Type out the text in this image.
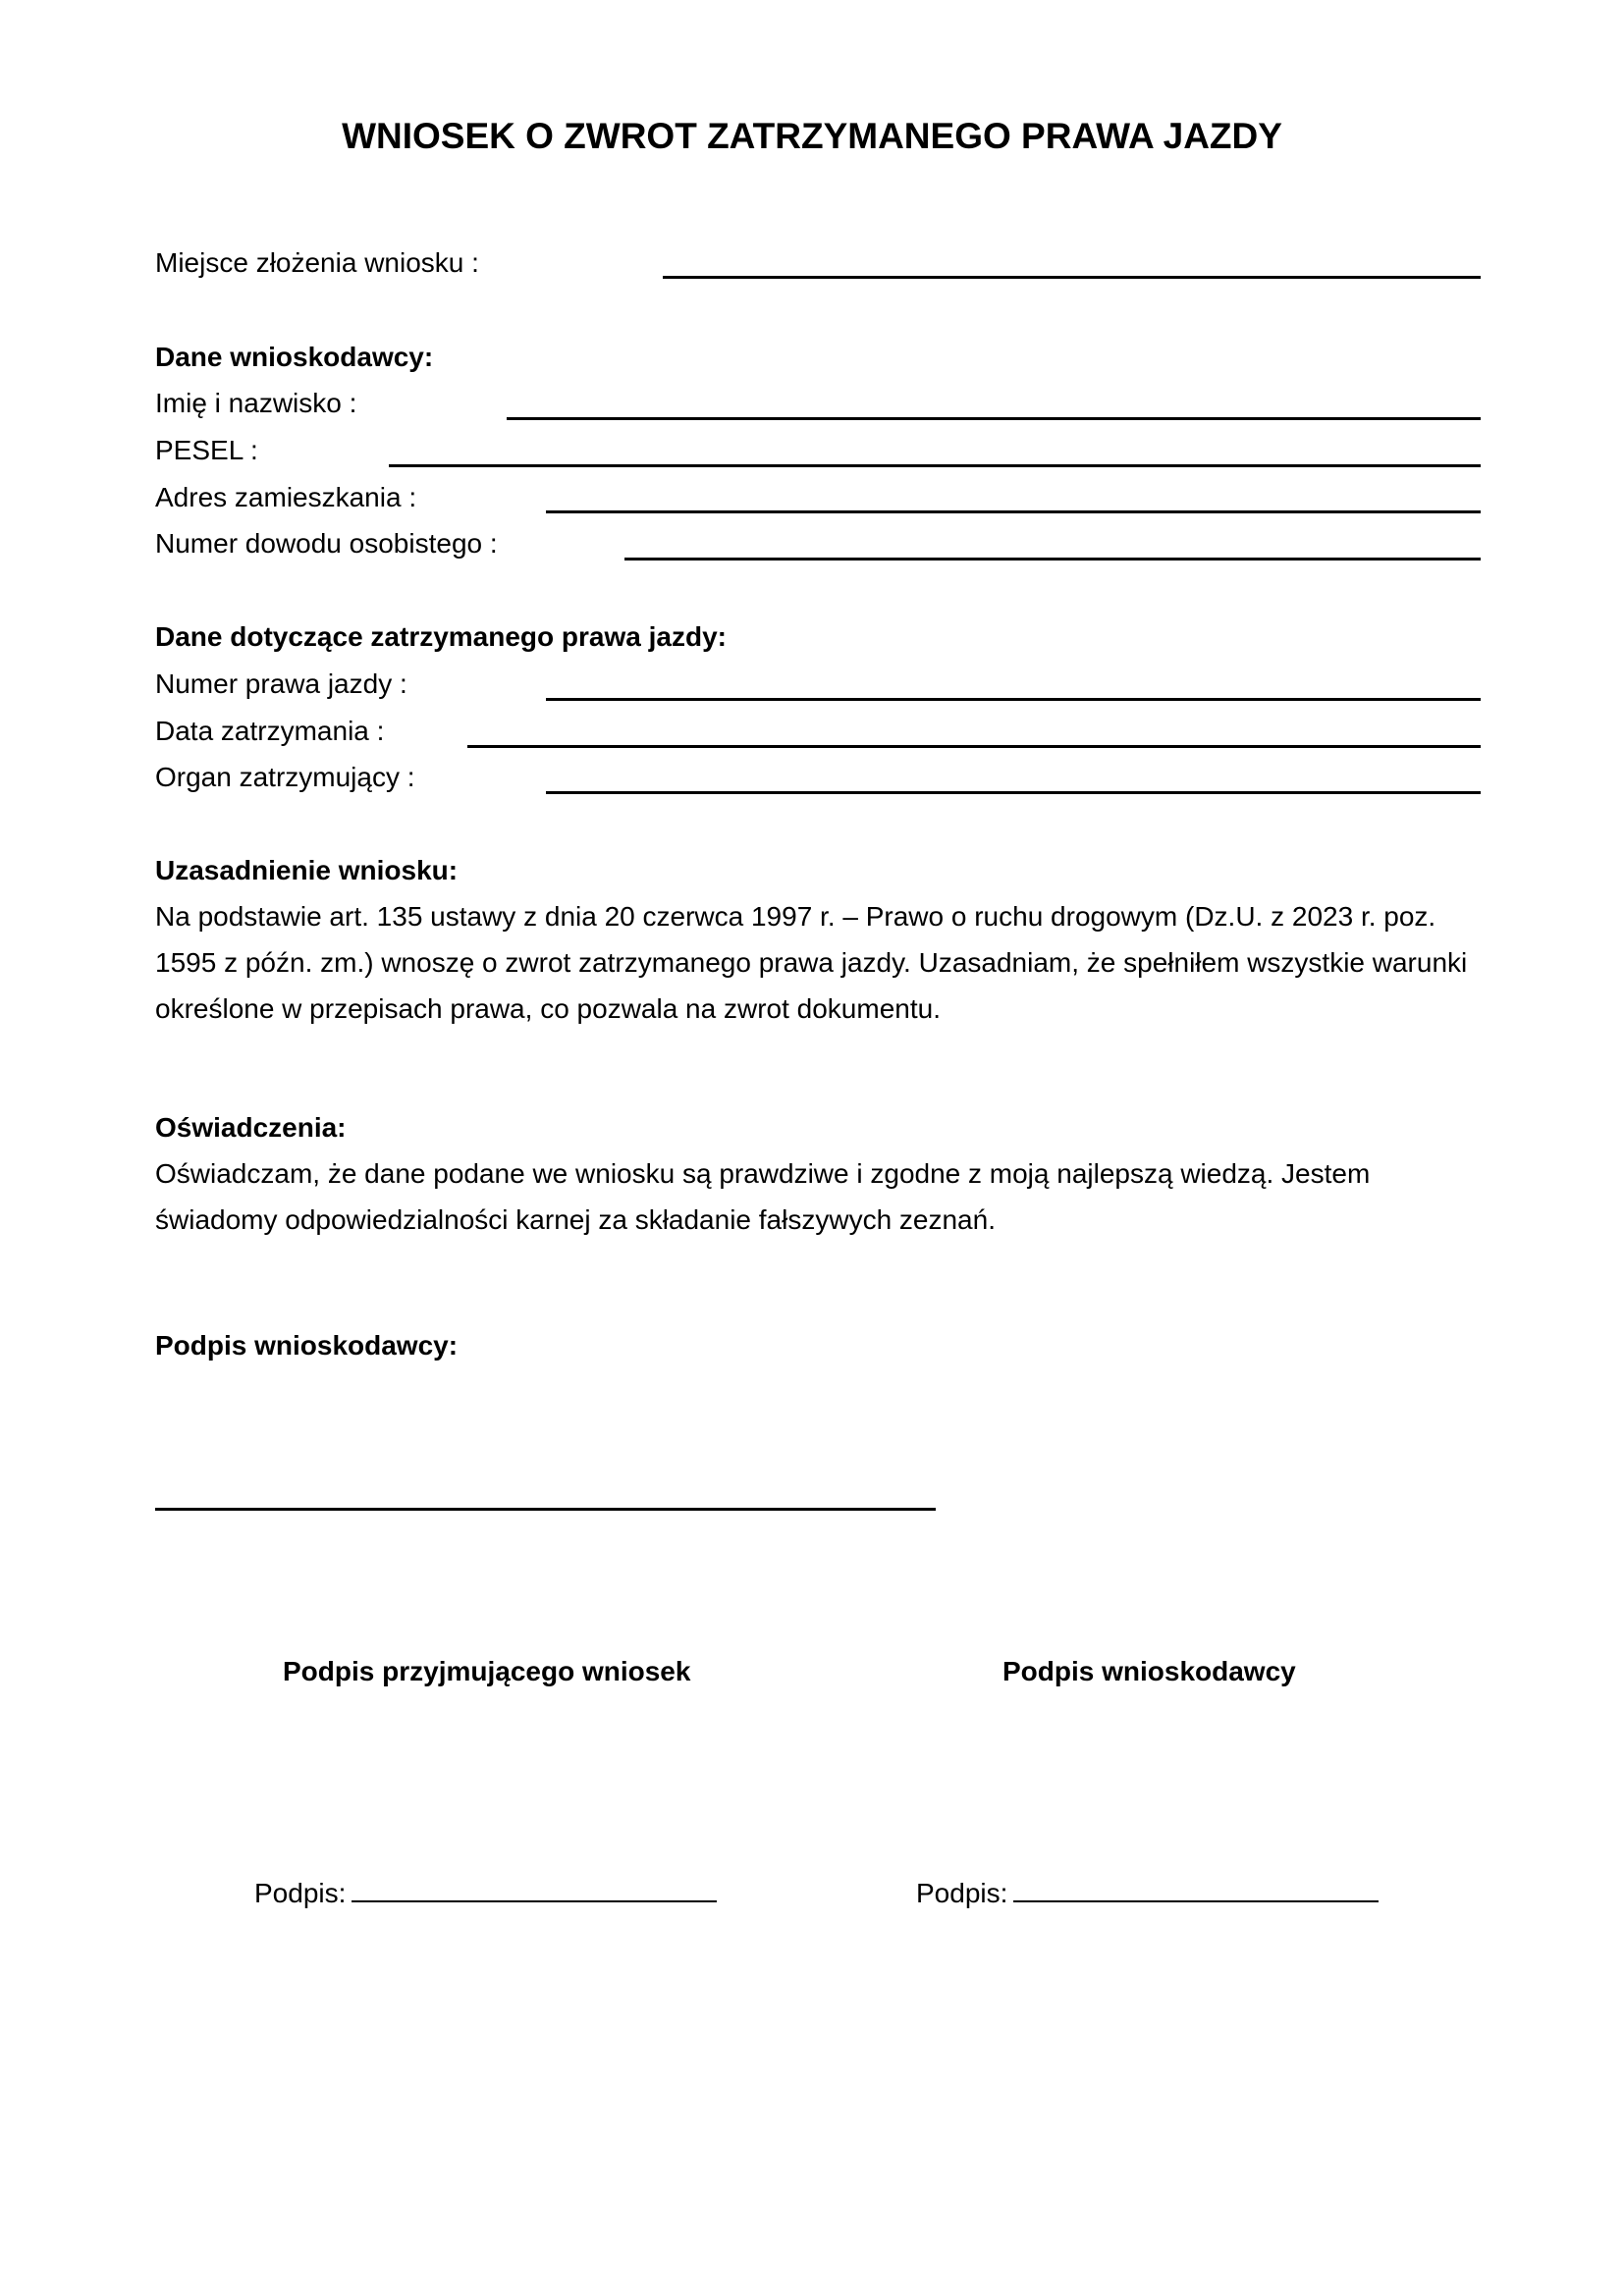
WNIOSEK O ZWROT ZATRZYMANEGO PRAWA JAZDY
Miejsce złożenia wniosku :
Dane wnioskodawcy:
Imię i nazwisko :
PESEL :
Adres zamieszkania :
Numer dowodu osobistego :
Dane dotyczące zatrzymanego prawa jazdy:
Numer prawa jazdy :
Data zatrzymania :
Organ zatrzymujący :
Uzasadnienie wniosku:
Na podstawie art. 135 ustawy z dnia 20 czerwca 1997 r. – Prawo o ruchu drogowym (Dz.U. z 2023 r. poz. 1595 z późn. zm.) wnoszę o zwrot zatrzymanego prawa jazdy. Uzasadniam, że spełniłem wszystkie warunki określone w przepisach prawa, co pozwala na zwrot dokumentu.
Oświadczenia:
Oświadczam, że dane podane we wniosku są prawdziwe i zgodne z moją najlepszą wiedzą. Jestem świadomy odpowiedzialności karnej za składanie fałszywych zeznań.
Podpis wnioskodawcy:
Podpis przyjmującego wniosek	Podpis wnioskodawcy
Podpis:	Podpis:
